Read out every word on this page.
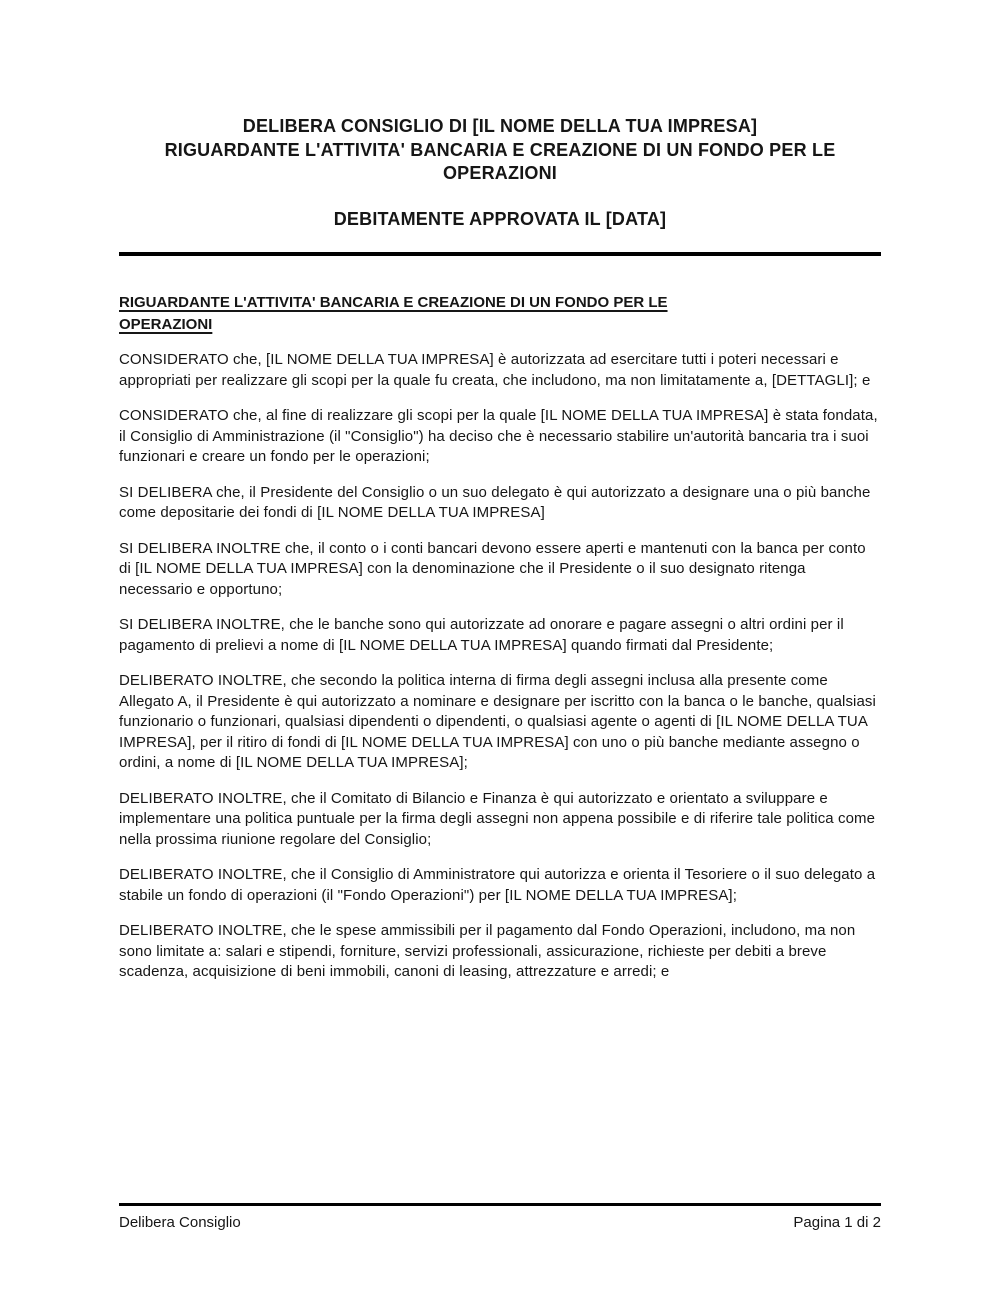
DELIBERA CONSIGLIO DI [IL NOME DELLA TUA IMPRESA]
RIGUARDANTE L'ATTIVITA' BANCARIA E CREAZIONE DI UN FONDO PER LE
OPERAZIONI
DEBITAMENTE APPROVATA IL [DATA]
RIGUARDANTE L'ATTIVITA' BANCARIA E CREAZIONE DI UN FONDO PER LE
OPERAZIONI

CONSIDERATO che, [IL NOME DELLA TUA IMPRESA] è autorizzata ad esercitare tutti i poteri necessari e appropriati per realizzare gli scopi per la quale fu creata, che includono, ma non limitatamente a, [DETTAGLI]; e

CONSIDERATO che, al fine di realizzare gli scopi per la quale [IL NOME DELLA TUA IMPRESA] è stata fondata, il Consiglio di Amministrazione (il "Consiglio") ha deciso che è necessario stabilire un'autorità bancaria tra i suoi funzionari e creare un fondo per le operazioni;

SI DELIBERA che, il Presidente del Consiglio o un suo delegato è qui autorizzato a designare una o più banche come depositarie dei fondi di [IL NOME DELLA TUA IMPRESA]

SI DELIBERA INOLTRE che, il conto o i conti bancari devono essere aperti e mantenuti con la banca per conto di [IL NOME DELLA TUA IMPRESA] con la denominazione che il Presidente o il suo designato ritenga necessario e opportuno;

SI DELIBERA INOLTRE, che le banche sono qui autorizzate ad onorare e pagare assegni o altri ordini per il pagamento di prelievi a nome di [IL NOME DELLA TUA IMPRESA] quando firmati dal Presidente;

DELIBERATO INOLTRE, che secondo la politica interna di firma degli assegni inclusa alla presente come Allegato A, il Presidente è qui autorizzato a nominare e designare per iscritto con la banca o le banche, qualsiasi funzionario o funzionari, qualsiasi dipendenti o dipendenti, o qualsiasi agente o agenti di [IL NOME DELLA TUA IMPRESA], per il ritiro di fondi di [IL NOME DELLA TUA IMPRESA] con uno o più banche mediante assegno o ordini, a nome di [IL NOME DELLA TUA IMPRESA];

DELIBERATO INOLTRE, che il Comitato di Bilancio e Finanza è qui autorizzato e orientato a sviluppare e implementare una politica puntuale per la firma degli assegni non appena possibile e di riferire tale politica come nella prossima riunione regolare del Consiglio;

DELIBERATO INOLTRE, che il Consiglio di Amministratore qui autorizza e orienta il Tesoriere o il suo delegato a stabile un fondo di operazioni (il "Fondo Operazioni") per [IL NOME DELLA TUA IMPRESA];

DELIBERATO INOLTRE, che le spese ammissibili per il pagamento dal Fondo Operazioni, includono, ma non sono limitate a: salari e stipendi, forniture, servizi professionali, assicurazione, richieste per debiti a breve scadenza, acquisizione di beni immobili, canoni di leasing, attrezzature e arredi; e

Delibera Consiglio	Pagina 1 di 2
